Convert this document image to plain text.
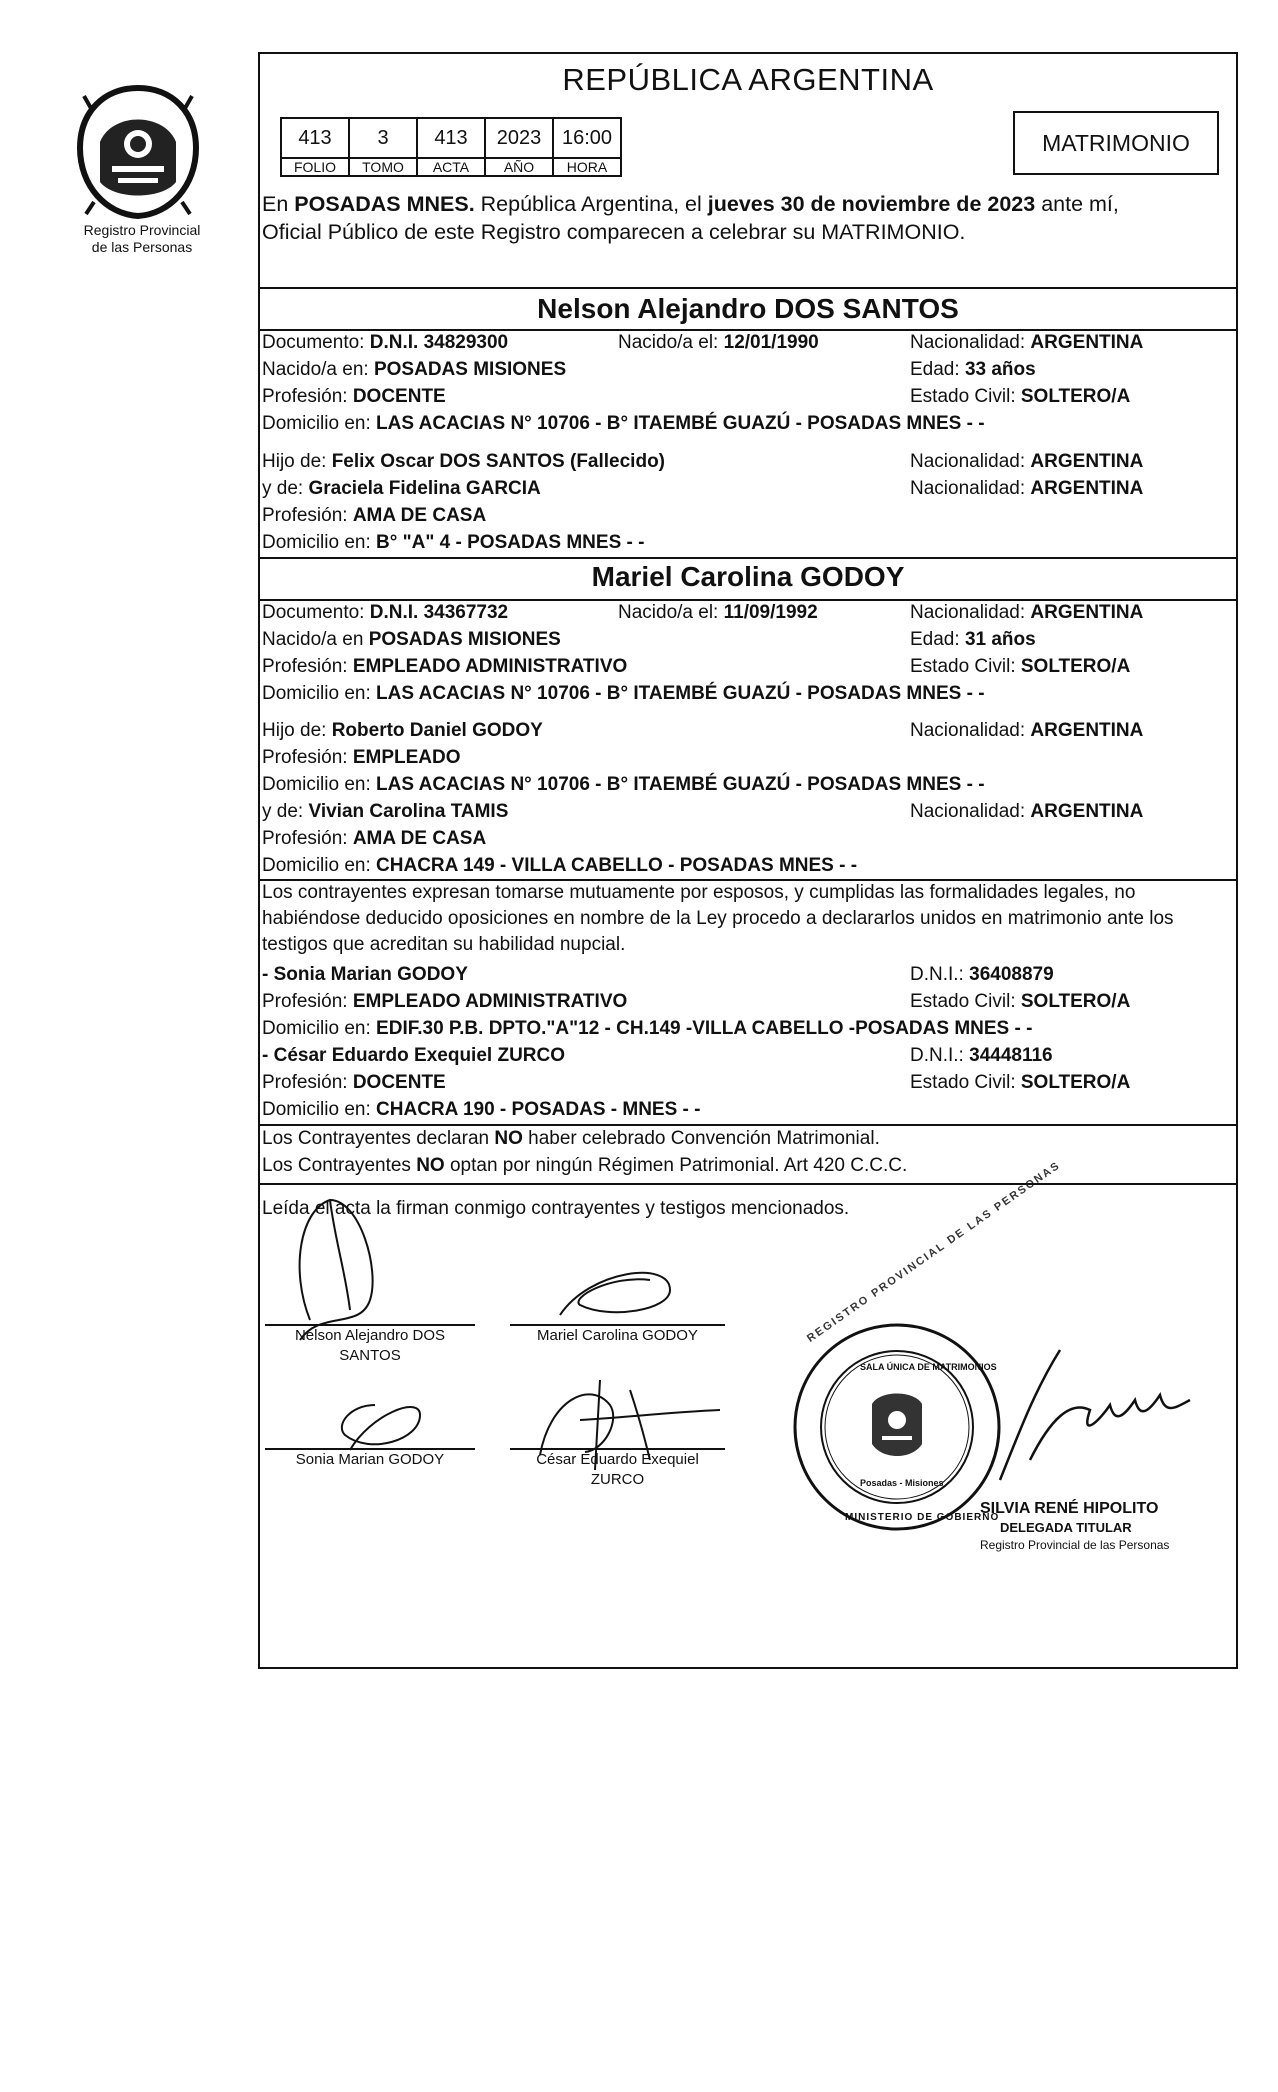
Registro Provincial
de las Personas
REPÚBLICA ARGENTINA
413	3	413	2023	16:00
FOLIO	TOMO	ACTA	AÑO	HORA
MATRIMONIO
En POSADAS MNES. República Argentina, el jueves 30 de noviembre de 2023 ante mí,
Oficial Público de este Registro comparecen a celebrar su MATRIMONIO.
Nelson Alejandro DOS SANTOS
Documento: D.N.I. 34829300	Nacido/a el: 12/01/1990	Nacionalidad: ARGENTINA
Nacido/a en: POSADAS MISIONES	Edad: 33 años
Profesión: DOCENTE	Estado Civil: SOLTERO/A
Domicilio en: LAS ACACIAS N° 10706 - B° ITAEMBÉ GUAZÚ - POSADAS MNES - -
Hijo de: Felix Oscar DOS SANTOS (Fallecido)	Nacionalidad: ARGENTINA
y de: Graciela Fidelina GARCIA	Nacionalidad: ARGENTINA
Profesión: AMA DE CASA
Domicilio en: B° "A" 4 - POSADAS MNES - -
Mariel Carolina GODOY
Documento: D.N.I. 34367732	Nacido/a el: 11/09/1992	Nacionalidad: ARGENTINA
Nacido/a en POSADAS MISIONES	Edad: 31 años
Profesión: EMPLEADO ADMINISTRATIVO	Estado Civil: SOLTERO/A
Domicilio en: LAS ACACIAS N° 10706 - B° ITAEMBÉ GUAZÚ - POSADAS MNES - -
Hijo de: Roberto Daniel GODOY	Nacionalidad: ARGENTINA
Profesión: EMPLEADO
Domicilio en: LAS ACACIAS N° 10706 - B° ITAEMBÉ GUAZÚ - POSADAS MNES - -
y de: Vivian Carolina TAMIS	Nacionalidad: ARGENTINA
Profesión: AMA DE CASA
Domicilio en: CHACRA 149 - VILLA CABELLO - POSADAS MNES - -
Los contrayentes expresan tomarse mutuamente por esposos, y cumplidas las formalidades legales, no habiéndose deducido oposiciones en nombre de la Ley procedo a declararlos unidos en matrimonio ante los testigos que acreditan su habilidad nupcial.
- Sonia Marian GODOY	D.N.I.: 36408879
Profesión: EMPLEADO ADMINISTRATIVO	Estado Civil: SOLTERO/A
Domicilio en: EDIF.30 P.B. DPTO."A"12 - CH.149 -VILLA CABELLO -POSADAS MNES - -
- César Eduardo Exequiel ZURCO	D.N.I.: 34448116
Profesión: DOCENTE	Estado Civil: SOLTERO/A
Domicilio en: CHACRA 190 - POSADAS - MNES - -
Los Contrayentes declaran NO haber celebrado Convención Matrimonial.
Los Contrayentes NO optan por ningún Régimen Patrimonial. Art 420 C.C.C.
Leída el acta la firman conmigo contrayentes y testigos mencionados.
Nelson Alejandro DOS
SANTOS
Mariel Carolina GODOY
Sonia Marian GODOY	César Eduardo Exequiel
ZURCO
REGISTRO PROVINCIAL DE LAS PERSONAS
SALA ÚNICA DE MATRIMONIOS
Posadas - Misiones
MINISTERIO DE GOBIERNO
SILVIA RENÉ HIPOLITO
DELEGADA TITULAR
Registro Provincial de las Personas
